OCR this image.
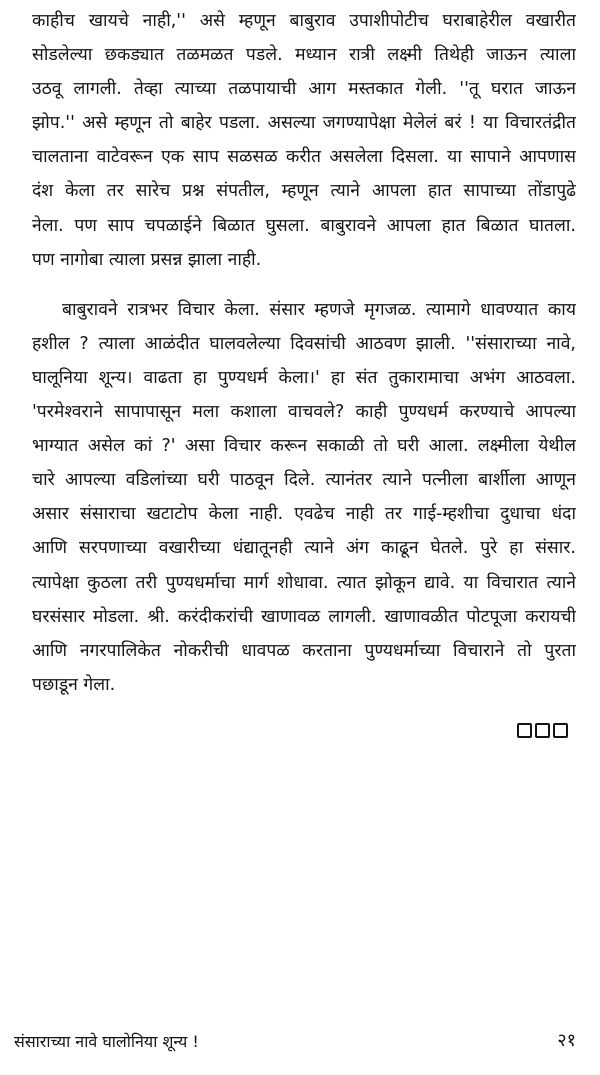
काहीच खायचे नाही,'' असे म्हणून बाबुराव उपाशीपोटीच घराबाहेरील वखारीत
सोडलेल्या छकड्यात तळमळत पडले. मध्यान रात्री लक्ष्मी तिथेही जाऊन त्याला
उठवू लागली. तेव्हा त्याच्या तळपायाची आग मस्तकात गेली. ''तू घरात जाऊन
झोप.'' असे म्हणून तो बाहेर पडला. असल्या जगण्यापेक्षा मेलेलं बरं ! या विचारतंद्रीत
चालताना वाटेवरून एक साप सळसळ करीत असलेला दिसला. या सापाने आपणास
दंश केला तर सारेच प्रश्न संपतील, म्हणून त्याने आपला हात सापाच्या तोंडापुढे
नेला. पण साप चपळाईने बिळात घुसला. बाबुरावने आपला हात बिळात घातला.
पण नागोबा त्याला प्रसन्न झाला नाही.
बाबुरावने रात्रभर विचार केला. संसार म्हणजे मृगजळ. त्यामागे धावण्यात काय
हशील ? त्याला आळंदीत घालवलेल्या दिवसांची आठवण झाली. ''संसाराच्या नावे,
घालूनिया शून्य। वाढता हा पुण्यधर्म केला।' हा संत तुकारामाचा अभंग आठवला.
'परमेश्वराने सापापासून मला कशाला वाचवले? काही पुण्यधर्म करण्याचे आपल्या
भाग्यात असेल कां ?' असा विचार करून सकाळी तो घरी आला. लक्ष्मीला येथील
चारे आपल्या वडिलांच्या घरी पाठवून दिले. त्यानंतर त्याने पत्नीला बार्शीला आणून
असार संसाराचा खटाटोप केला नाही. एवढेच नाही तर गाई-म्हशीचा दुधाचा धंदा
आणि सरपणाच्या वखारीच्या धंद्यातूनही त्याने अंग काढून घेतले. पुरे हा संसार.
त्यापेक्षा कुठला तरी पुण्यधर्माचा मार्ग शोधावा. त्यात झोकून द्यावे. या विचारात त्याने
घरसंसार मोडला. श्री. करंदीकरांची खाणावळ लागली. खाणावळीत पोटपूजा करायची
आणि नगरपालिकेत नोकरीची धावपळ करताना पुण्यधर्माच्या विचाराने तो पुरता
पछाडून गेला.
संसाराच्या नावे घालोनिया शून्य !	२१
